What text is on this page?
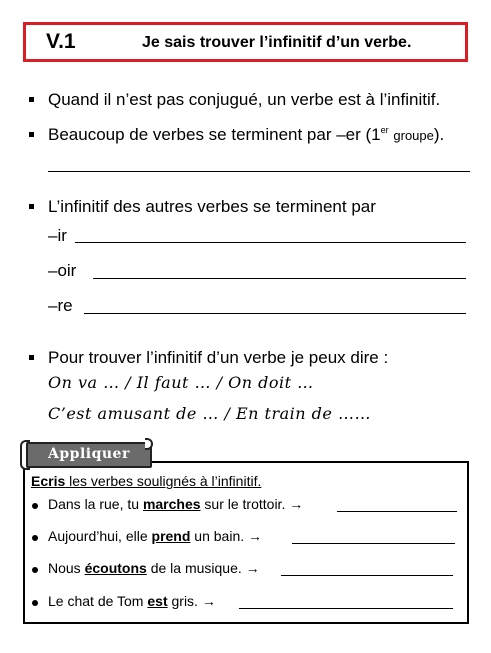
V.1	Je sais trouver l’infinitif d’un verbe.
Quand il n’est pas conjugué, un verbe est à l’infinitif.
Beaucoup de verbes se terminent par –er (1er groupe).
L’infinitif des autres verbes se terminent par
–ir
–oir
–re
Pour trouver l’infinitif d’un verbe je peux dire :
On va … / Il faut … / On doit …
C’est amusant de … / En train de ……
Appliquer
Ecris les verbes soulignés à l’infinitif.
Dans la rue, tu marches sur le trottoir. →
Aujourd’hui, elle prend un bain. →
Nous écoutons de la musique. →
Le chat de Tom est gris. →
